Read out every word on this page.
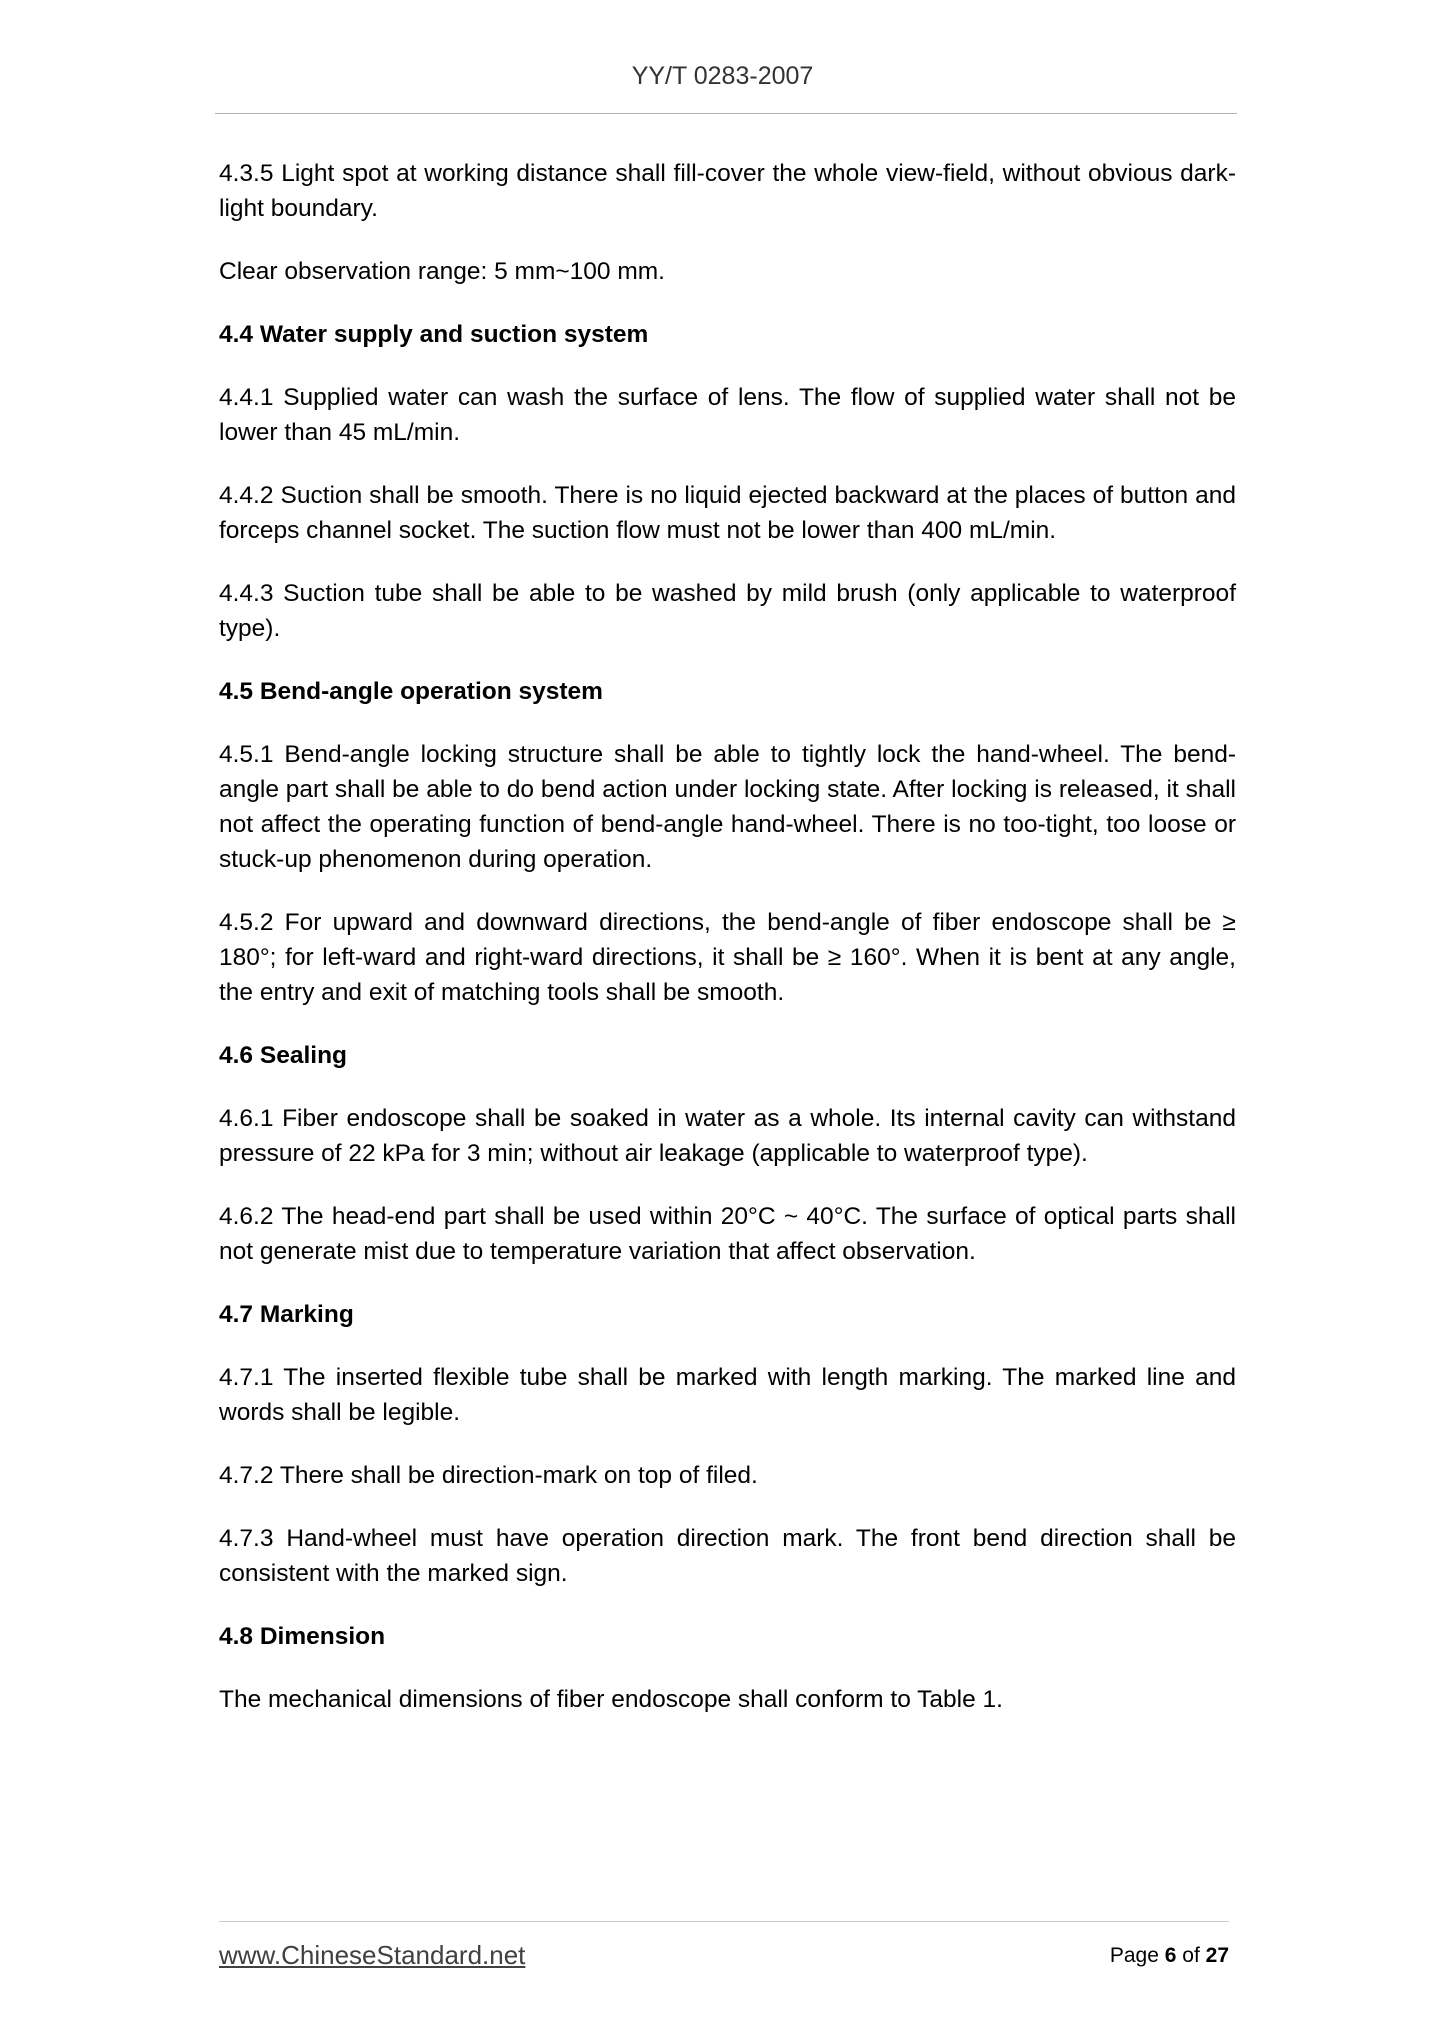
YY/T 0283-2007

4.3.5 Light spot at working distance shall fill-cover the whole view-field, without obvious dark-light boundary.

Clear observation range: 5 mm~100 mm.

4.4 Water supply and suction system

4.4.1 Supplied water can wash the surface of lens. The flow of supplied water shall not be lower than 45 mL/min.

4.4.2 Suction shall be smooth. There is no liquid ejected backward at the places of button and forceps channel socket. The suction flow must not be lower than 400 mL/min.

4.4.3 Suction tube shall be able to be washed by mild brush (only applicable to waterproof type).

4.5 Bend-angle operation system

4.5.1 Bend-angle locking structure shall be able to tightly lock the hand-wheel. The bend-angle part shall be able to do bend action under locking state. After locking is released, it shall not affect the operating function of bend-angle hand-wheel. There is no too-tight, too loose or stuck-up phenomenon during operation.

4.5.2 For upward and downward directions, the bend-angle of fiber endoscope shall be ≥ 180°; for left-ward and right-ward directions, it shall be ≥ 160°. When it is bent at any angle, the entry and exit of matching tools shall be smooth.

4.6 Sealing

4.6.1 Fiber endoscope shall be soaked in water as a whole. Its internal cavity can withstand pressure of 22 kPa for 3 min; without air leakage (applicable to waterproof type).

4.6.2 The head-end part shall be used within 20°C ~ 40°C. The surface of optical parts shall not generate mist due to temperature variation that affect observation.

4.7 Marking

4.7.1 The inserted flexible tube shall be marked with length marking. The marked line and words shall be legible.

4.7.2 There shall be direction-mark on top of filed.

4.7.3 Hand-wheel must have operation direction mark. The front bend direction shall be consistent with the marked sign.

4.8 Dimension

The mechanical dimensions of fiber endoscope shall conform to Table 1.

www.ChineseStandard.net	Page 6 of 27
